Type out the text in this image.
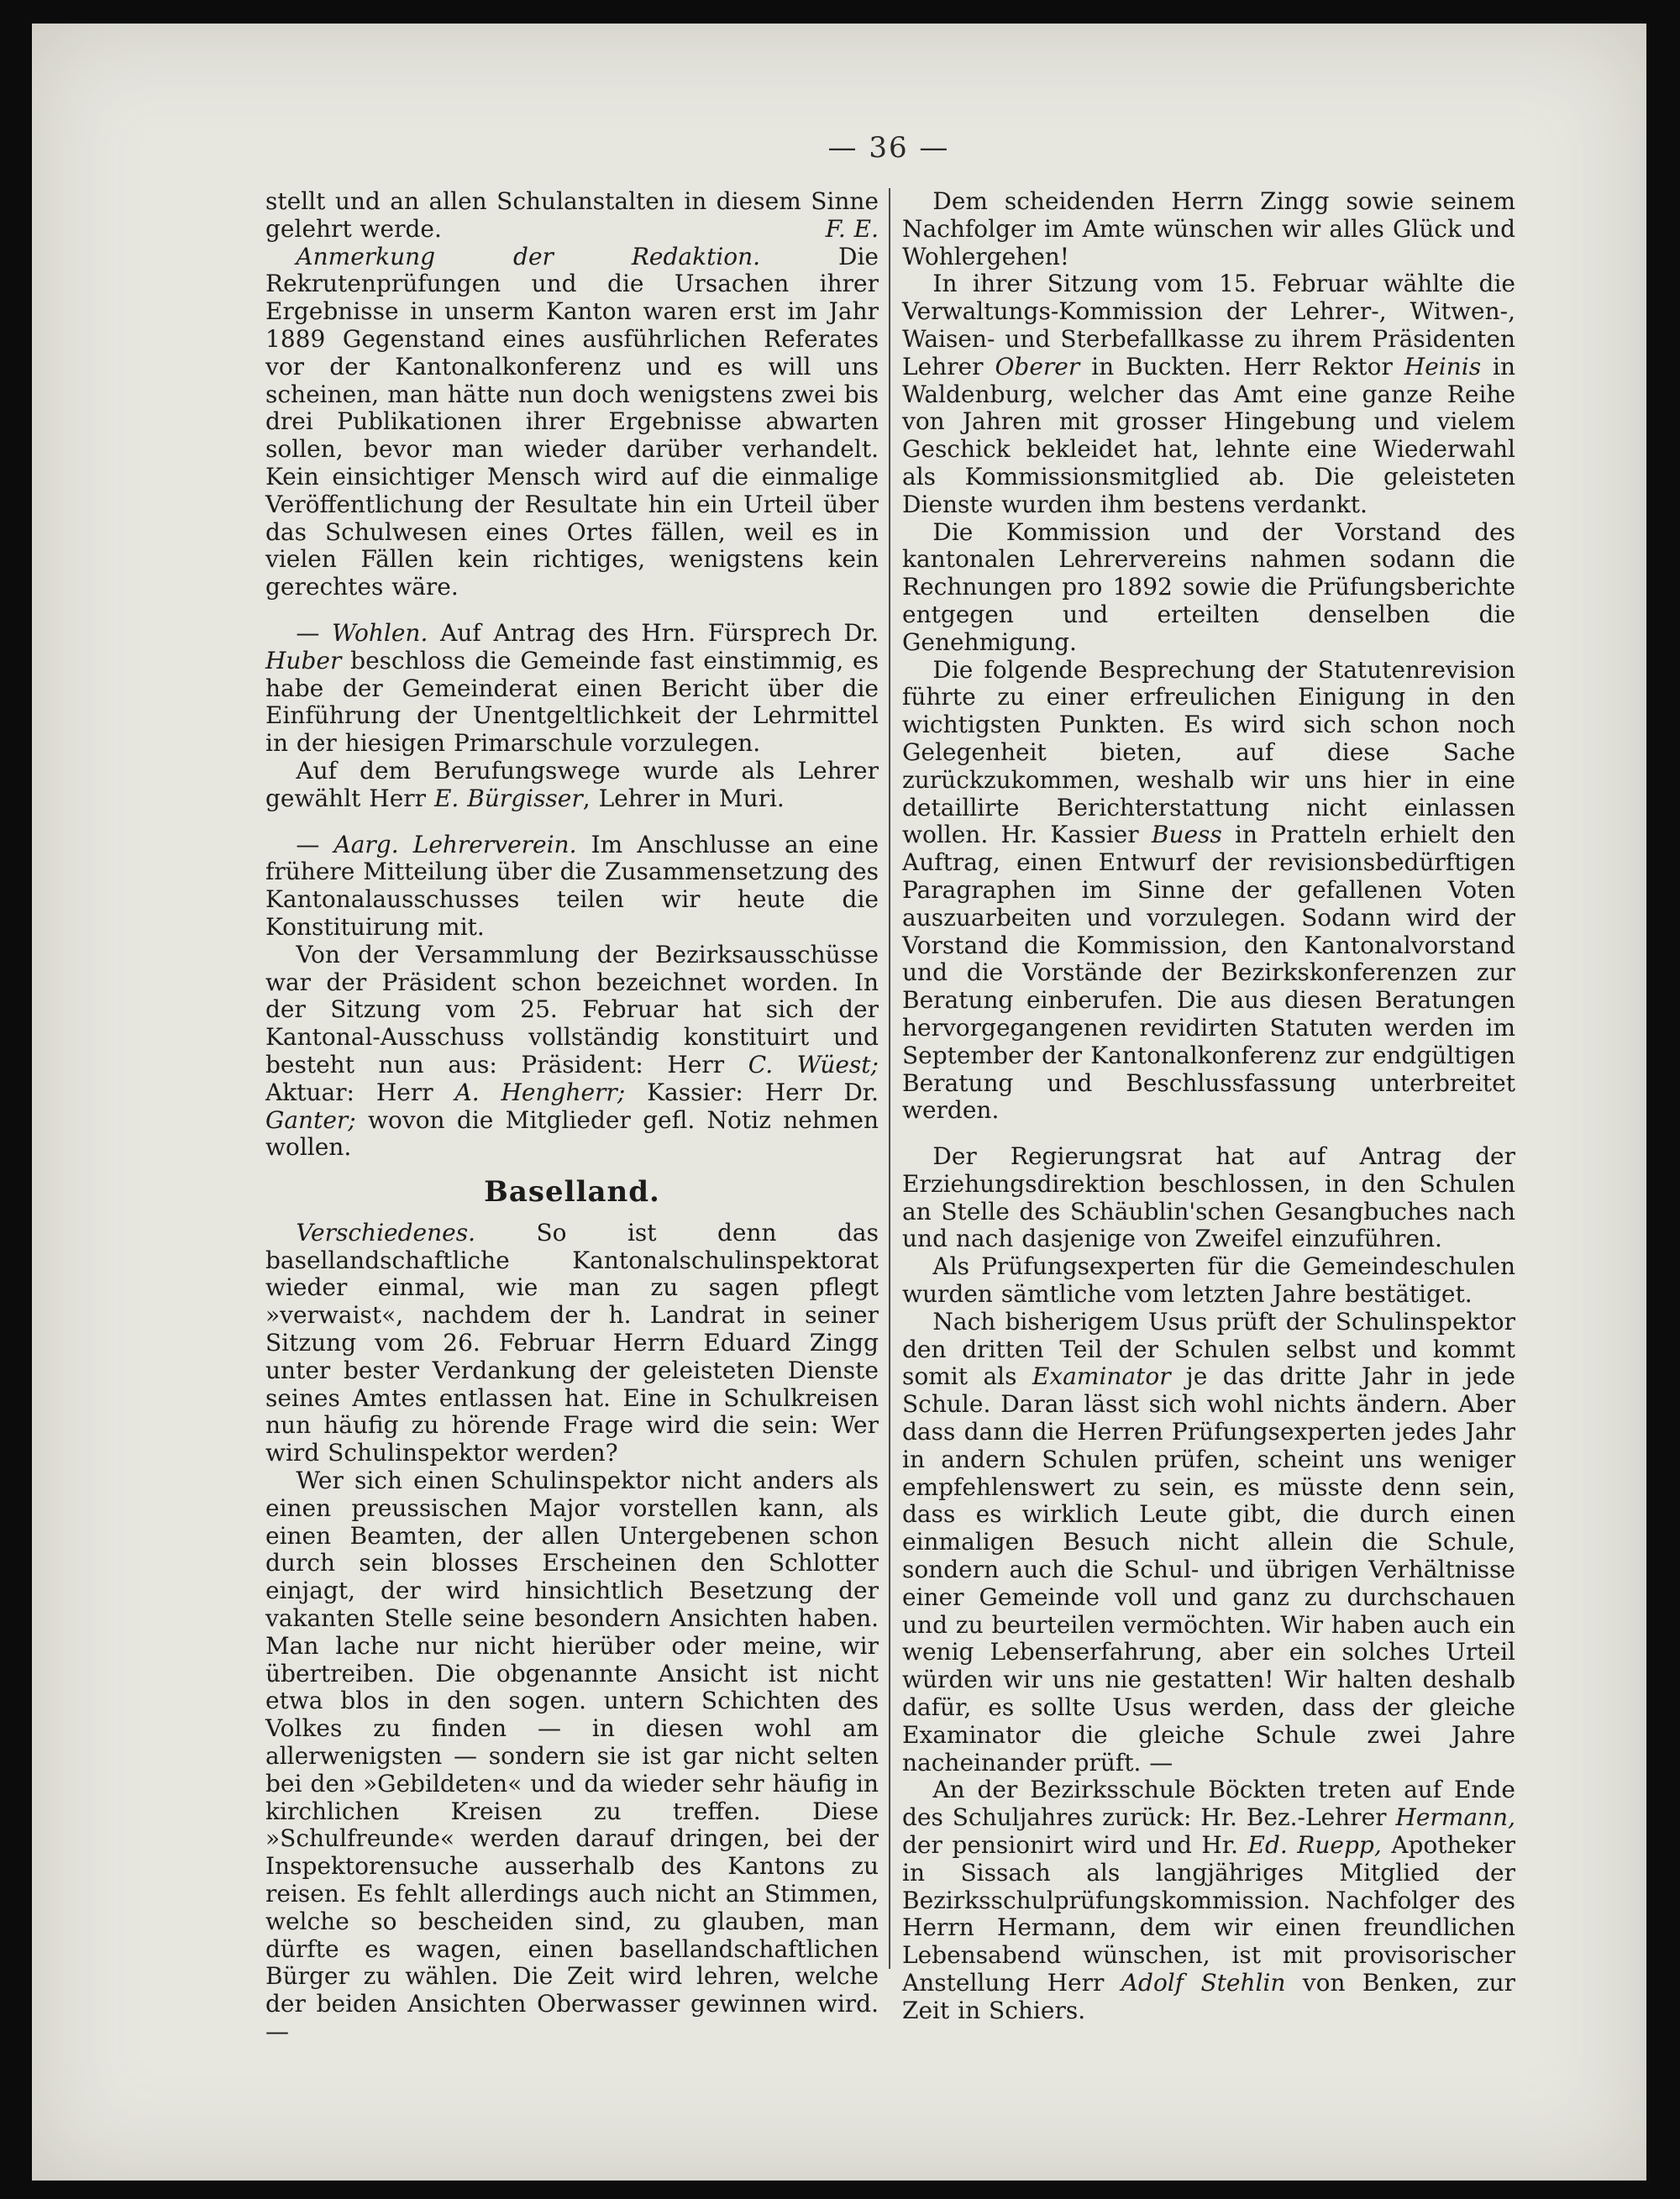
— 36 —

stellt und an allen Schulanstalten in diesem Sinne gelehrt werde.	F. E.

Anmerkung der Redaktion. Die Rekrutenprüfungen und die Ursachen ihrer Ergebnisse in unserm Kanton waren erst im Jahr 1889 Gegenstand eines ausführlichen Referates vor der Kantonalkonferenz und es will uns scheinen, man hätte nun doch wenigstens zwei bis drei Publikationen ihrer Ergebnisse abwarten sollen, bevor man wieder darüber verhandelt. Kein einsichtiger Mensch wird auf die einmalige Veröffentlichung der Resultate hin ein Urteil über das Schulwesen eines Ortes fällen, weil es in vielen Fällen kein richtiges, wenigstens kein gerechtes wäre.

— Wohlen. Auf Antrag des Hrn. Fürsprech Dr. Huber beschloss die Gemeinde fast einstimmig, es habe der Gemeinderat einen Bericht über die Einführung der Unentgeltlichkeit der Lehrmittel in der hiesigen Primarschule vorzulegen.

Auf dem Berufungswege wurde als Lehrer gewählt Herr E. Bürgisser, Lehrer in Muri.

— Aarg. Lehrerverein. Im Anschlusse an eine frühere Mitteilung über die Zusammensetzung des Kantonalausschusses teilen wir heute die Konstituirung mit.

Von der Versammlung der Bezirksausschüsse war der Präsident schon bezeichnet worden. In der Sitzung vom 25. Februar hat sich der Kantonal-Ausschuss vollständig konstituirt und besteht nun aus: Präsident: Herr C. Wüest; Aktuar: Herr A. Hengherr; Kassier: Herr Dr. Ganter; wovon die Mitglieder gefl. Notiz nehmen wollen.

Baselland.

Verschiedenes. So ist denn das basellandschaftliche Kantonalschulinspektorat wieder einmal, wie man zu sagen pflegt »verwaist«, nachdem der h. Landrat in seiner Sitzung vom 26. Februar Herrn Eduard Zingg unter bester Verdankung der geleisteten Dienste seines Amtes entlassen hat. Eine in Schulkreisen nun häufig zu hörende Frage wird die sein: Wer wird Schulinspektor werden?

Wer sich einen Schulinspektor nicht anders als einen preussischen Major vorstellen kann, als einen Beamten, der allen Untergebenen schon durch sein blosses Erscheinen den Schlotter einjagt, der wird hinsichtlich Besetzung der vakanten Stelle seine besondern Ansichten haben. Man lache nur nicht hierüber oder meine, wir übertreiben. Die obgenannte Ansicht ist nicht etwa blos in den sogen. untern Schichten des Volkes zu finden — in diesen wohl am allerwenigsten — sondern sie ist gar nicht selten bei den »Gebildeten« und da wieder sehr häufig in kirchlichen Kreisen zu treffen. Diese »Schulfreunde« werden darauf dringen, bei der Inspektorensuche ausserhalb des Kantons zu reisen. Es fehlt allerdings auch nicht an Stimmen, welche so bescheiden sind, zu glauben, man dürfte es wagen, einen basellandschaftlichen Bürger zu wählen. Die Zeit wird lehren, welche der beiden Ansichten Oberwasser gewinnen wird. —

Dem scheidenden Herrn Zingg sowie seinem Nachfolger im Amte wünschen wir alles Glück und Wohlergehen!

In ihrer Sitzung vom 15. Februar wählte die Verwaltungs-Kommission der Lehrer-, Witwen-, Waisen- und Sterbefallkasse zu ihrem Präsidenten Lehrer Oberer in Buckten. Herr Rektor Heinis in Waldenburg, welcher das Amt eine ganze Reihe von Jahren mit grosser Hingebung und vielem Geschick bekleidet hat, lehnte eine Wiederwahl als Kommissionsmitglied ab. Die geleisteten Dienste wurden ihm bestens verdankt.

Die Kommission und der Vorstand des kantonalen Lehrervereins nahmen sodann die Rechnungen pro 1892 sowie die Prüfungsberichte entgegen und erteilten denselben die Genehmigung.

Die folgende Besprechung der Statutenrevision führte zu einer erfreulichen Einigung in den wichtigsten Punkten. Es wird sich schon noch Gelegenheit bieten, auf diese Sache zurückzukommen, weshalb wir uns hier in eine detaillirte Berichterstattung nicht einlassen wollen. Hr. Kassier Buess in Pratteln erhielt den Auftrag, einen Entwurf der revisionsbedürftigen Paragraphen im Sinne der gefallenen Voten auszuarbeiten und vorzulegen. Sodann wird der Vorstand die Kommission, den Kantonalvorstand und die Vorstände der Bezirkskonferenzen zur Beratung einberufen. Die aus diesen Beratungen hervorgegangenen revidirten Statuten werden im September der Kantonalkonferenz zur endgültigen Beratung und Beschlussfassung unterbreitet werden.

Der Regierungsrat hat auf Antrag der Erziehungsdirektion beschlossen, in den Schulen an Stelle des Schäublin'schen Gesangbuches nach und nach dasjenige von Zweifel einzuführen.

Als Prüfungsexperten für die Gemeindeschulen wurden sämtliche vom letzten Jahre bestätiget.

Nach bisherigem Usus prüft der Schulinspektor den dritten Teil der Schulen selbst und kommt somit als Examinator je das dritte Jahr in jede Schule. Daran lässt sich wohl nichts ändern. Aber dass dann die Herren Prüfungsexperten jedes Jahr in andern Schulen prüfen, scheint uns weniger empfehlenswert zu sein, es müsste denn sein, dass es wirklich Leute gibt, die durch einen einmaligen Besuch nicht allein die Schule, sondern auch die Schul- und übrigen Verhältnisse einer Gemeinde voll und ganz zu durchschauen und zu beurteilen vermöchten. Wir haben auch ein wenig Lebenserfahrung, aber ein solches Urteil würden wir uns nie gestatten! Wir halten deshalb dafür, es sollte Usus werden, dass der gleiche Examinator die gleiche Schule zwei Jahre nacheinander prüft. —

An der Bezirksschule Böckten treten auf Ende des Schuljahres zurück: Hr. Bez.-Lehrer Hermann, der pensionirt wird und Hr. Ed. Ruepp, Apotheker in Sissach als langjähriges Mitglied der Bezirksschulprüfungskommission. Nachfolger des Herrn Hermann, dem wir einen freundlichen Lebensabend wünschen, ist mit provisorischer Anstellung Herr Adolf Stehlin von Benken, zur Zeit in Schiers.
